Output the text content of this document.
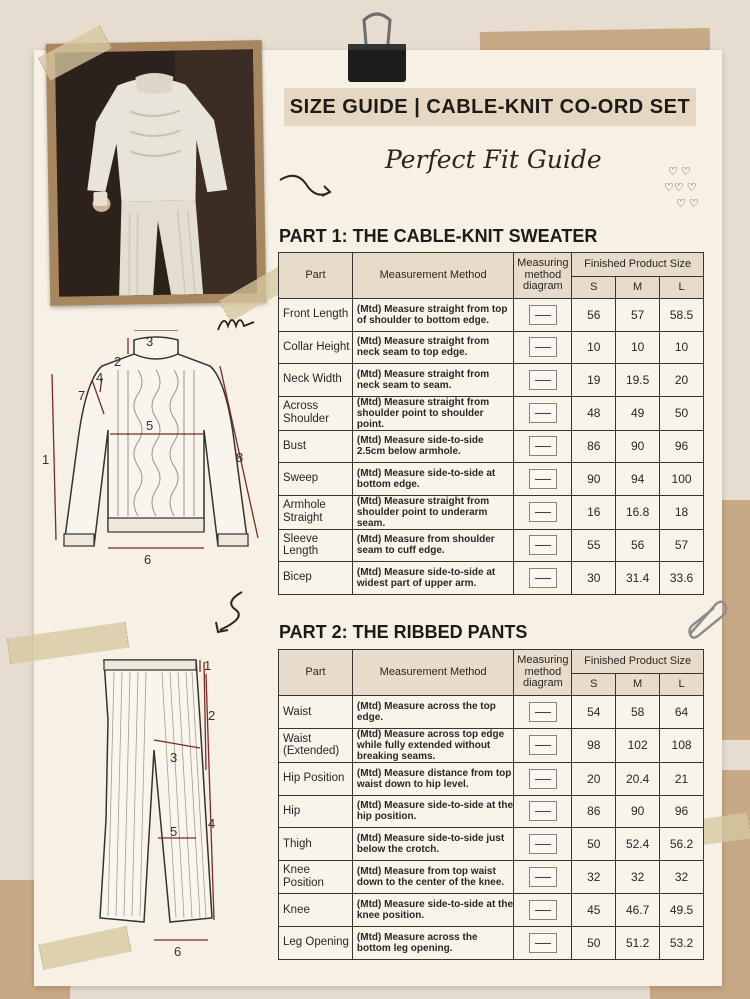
SIZE GUIDE | CABLE-KNIT CO-ORD SET
Perfect Fit Guide	♡ ♡
♡♡ ♡
♡ ♡
3
2
4
7
5
1	8
6
1
2
3
4
5
6
PART 1: THE CABLE-KNIT SWEATER
Part	Measurement Method	Measuring method diagram	Finished Product Size		
			S	M	L
Front Length	(Mtd) Measure straight from top of shoulder to bottom edge.		56	57	58.5
Collar Height	(Mtd) Measure straight from neck seam to top edge.		10	10	10
Neck Width	(Mtd) Measure straight from neck seam to seam.		19	19.5	20
Across Shoulder	(Mtd) Measure straight from shoulder point to shoulder point.		48	49	50
Bust	(Mtd) Measure side-to-side 2.5cm below armhole.		86	90	96
Sweep	(Mtd) Measure side-to-side at bottom edge.		90	94	100
Armhole Straight	(Mtd) Measure straight from shoulder point to underarm seam.		16	16.8	18
Sleeve Length	(Mtd) Measure from shoulder seam to cuff edge.		55	56	57
Bicep	(Mtd) Measure side-to-side at widest part of upper arm.		30	31.4	33.6
PART 2: THE RIBBED PANTS
Part	Measurement Method	Measuring method diagram	Finished Product Size		
			S	M	L
Waist	(Mtd) Measure across the top edge.		54	58	64
Waist (Extended)	(Mtd) Measure across top edge while fully extended without breaking seams.		98	102	108
Hip Position	(Mtd) Measure distance from top waist down to hip level.		20	20.4	21
Hip	(Mtd) Measure side-to-side at the hip position.		86	90	96
Thigh	(Mtd) Measure side-to-side just below the crotch.		50	52.4	56.2
Knee Position	(Mtd) Measure from top waist down to the center of the knee.		32	32	32
Knee	(Mtd) Measure side-to-side at the knee position.		45	46.7	49.5
Leg Opening	(Mtd) Measure across the bottom leg opening.		50	51.2	53.2
